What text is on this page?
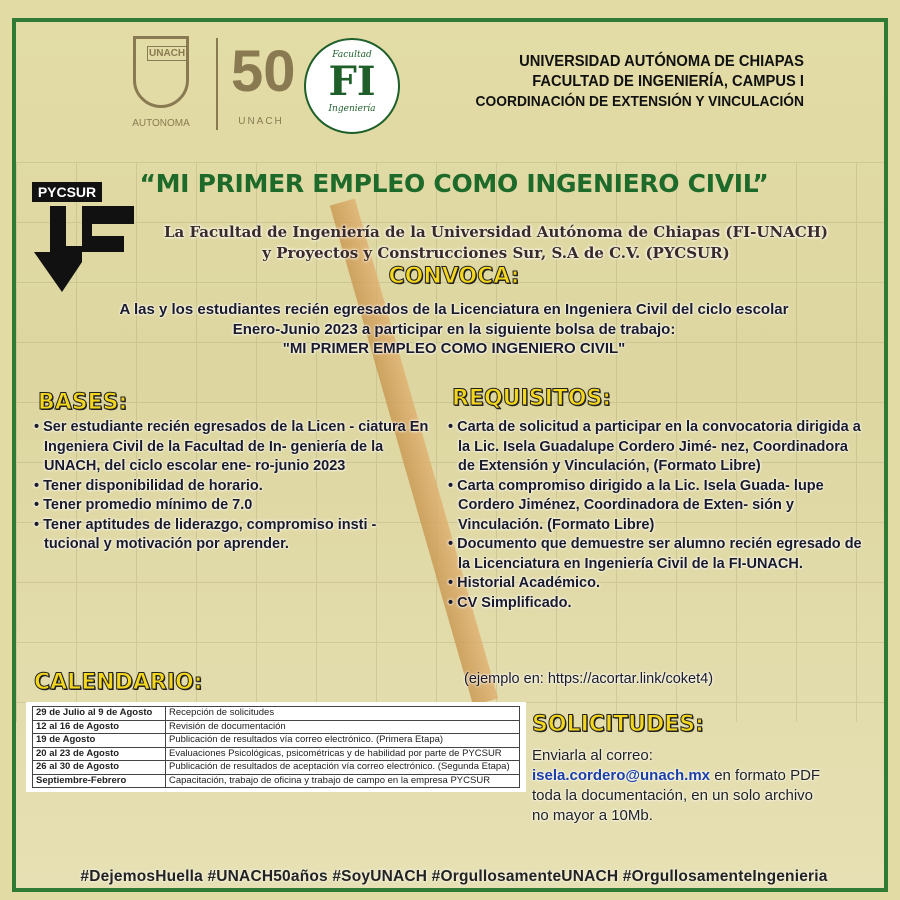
UNACH
AUTONOMA
50
UNACH
Facultad
FI
Ingeniería
UNIVERSIDAD AUTÓNOMA DE CHIAPAS
FACULTAD DE INGENIERÍA, CAMPUS I
COORDINACIÓN DE EXTENSIÓN Y VINCULACIÓN
“MI PRIMER EMPLEO COMO INGENIERO CIVIL”
PYCSUR
La Facultad de Ingeniería de la Universidad Autónoma de Chiapas (FI-UNACH)
y Proyectos y Construcciones Sur, S.A de C.V. (PYCSUR)
CONVOCA:
A las y los estudiantes recién egresados de la Licenciatura en Ingeniera Civil del ciclo escolar
Enero-Junio 2023 a participar en la siguiente bolsa de trabajo:
"MI PRIMER EMPLEO COMO INGENIERO CIVIL"
BASES:
• Ser estudiante recién egresados de la Licen - ciatura En Ingeniera Civil de la Facultad de In- geniería de la UNACH, del ciclo escolar ene- ro-junio 2023
• Tener disponibilidad de horario.
• Tener promedio mínimo de 7.0
• Tener aptitudes de liderazgo, compromiso insti - tucional y motivación por aprender.
REQUISITOS:
• Carta de solicitud a participar en la convocatoria dirigida a la Lic. Isela Guadalupe Cordero Jimé- nez, Coordinadora de Extensión y Vinculación, (Formato Libre)
• Carta compromiso dirigido a la Lic. Isela Guada- lupe Cordero Jiménez, Coordinadora de Exten- sión y Vinculación. (Formato Libre)
• Documento que demuestre ser alumno recién egresado de la Licenciatura en Ingeniería Civil de la FI-UNACH.
• Historial Académico.
• CV Simplificado.
(ejemplo en: https://acortar.link/coket4)
CALENDARIO:
29 de Julio al 9 de Agosto	Recepción de solicitudes
12 al 16 de Agosto	Revisión de documentación
19 de Agosto	Publicación de resultados vía correo electrónico. (Primera Etapa)
20 al 23 de Agosto	Evaluaciones Psicológicas, psicométricas y de habilidad por parte de PYCSUR
26 al 30 de Agosto	Publicación de resultados de aceptación vía correo electrónico. (Segunda Etapa)
Septiembre-Febrero	Capacitación, trabajo de oficina y trabajo de campo en la empresa PYCSUR
SOLICITUDES:
Enviarla al correo:
isela.cordero@unach.mx en formato PDF
toda la documentación, en un solo archivo
no mayor a 10Mb.
#DejemosHuella #UNACH50años #SoyUNACH #OrgullosamenteUNACH #OrgullosamenteIngenieria
